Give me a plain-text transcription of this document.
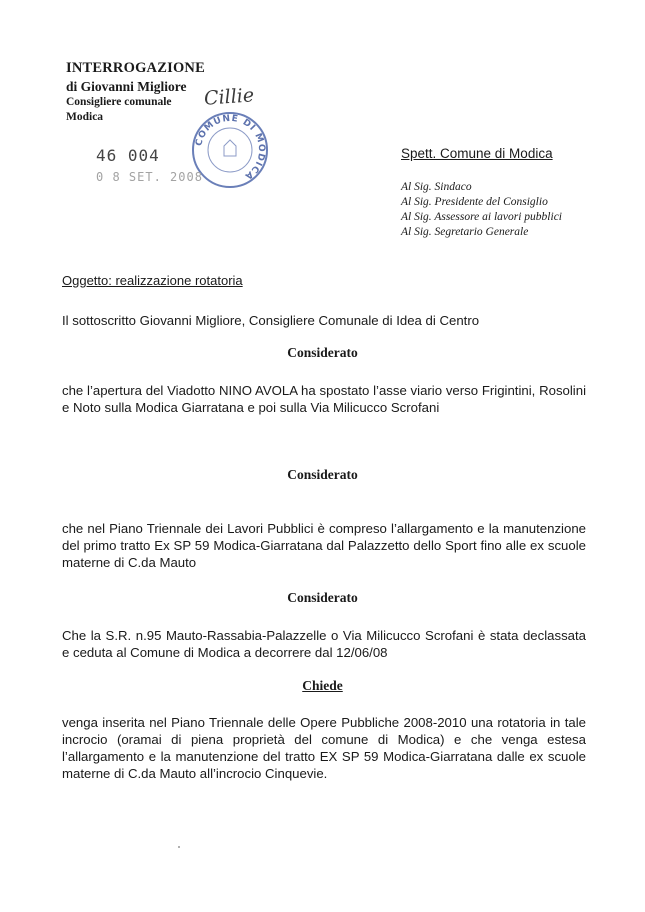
INTERROGAZIONE
di Giovanni Migliore
Consigliere comunale
Modica
Cillie
COMUNE DI MODICA
46 004
0 8 SET. 2008
Spett. Comune di Modica
Al Sig. Sindaco
Al Sig. Presidente del Consiglio
Al Sig. Assessore ai lavori pubblici
Al Sig. Segretario Generale
Oggetto: realizzazione rotatoria
Il sottoscritto Giovanni Migliore, Consigliere Comunale di Idea di Centro
Considerato
che l’apertura del Viadotto NINO AVOLA ha spostato l’asse viario verso Frigintini, Rosolini e Noto sulla Modica Giarratana e poi sulla Via Milicucco Scrofani
Considerato
che nel Piano Triennale dei Lavori Pubblici è compreso l’allargamento e la manutenzione del primo tratto Ex SP 59 Modica-Giarratana dal Palazzetto dello Sport fino alle ex scuole materne di C.da Mauto
Considerato
Che la S.R. n.95 Mauto-Rassabia-Palazzelle o Via Milicucco Scrofani è stata declassata e ceduta al Comune di Modica a decorrere dal 12/06/08
Chiede
venga inserita nel Piano Triennale delle Opere Pubbliche 2008-2010 una rotatoria in tale incrocio (oramai di piena proprietà del comune di Modica) e che venga estesa l’allargamento e la manutenzione del tratto EX SP 59 Modica-Giarratana dalle ex scuole materne di C.da Mauto all’incrocio Cinquevie.
